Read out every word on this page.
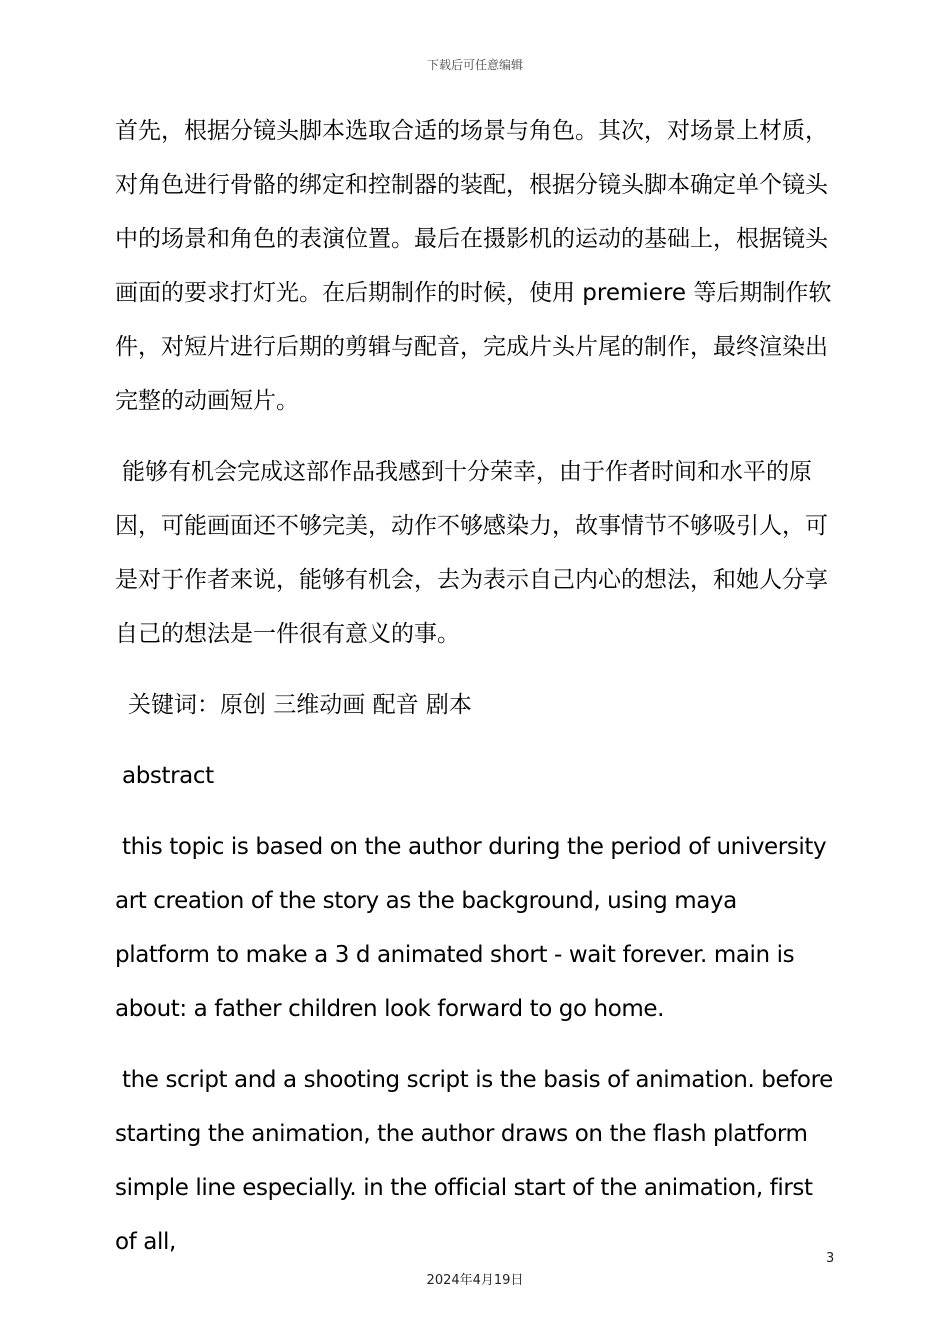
下载后可任意编辑

首先，根据分镜头脚本选取合适的场景与角色。其次，对场景上材质，对角色进行骨骼的绑定和控制器的装配，根据分镜头脚本确定单个镜头中的场景和角色的表演位置。最后在摄影机的运动的基础上，根据镜头画面的要求打灯光。在后期制作的时候，使用 premiere 等后期制作软件，对短片进行后期的剪辑与配音，完成片头片尾的制作，最终渲染出完整的动画短片。

能够有机会完成这部作品我感到十分荣幸，由于作者时间和水平的原因，可能画面还不够完美，动作不够感染力，故事情节不够吸引人，可是对于作者来说，能够有机会，去为表示自己内心的想法，和她人分享自己的想法是一件很有意义的事。

关键词：原创 三维动画 配音 剧本

abstract

this topic is based on the author during the period of university art creation of the story as the background, using maya platform to make a 3 d animated short - wait forever. main is about: a father children look forward to go home.

the script and a shooting script is the basis of animation. before starting the animation, the author draws on the flash platform simple line especially. in the official start of the animation, first of all,

3
2024年4月19日
